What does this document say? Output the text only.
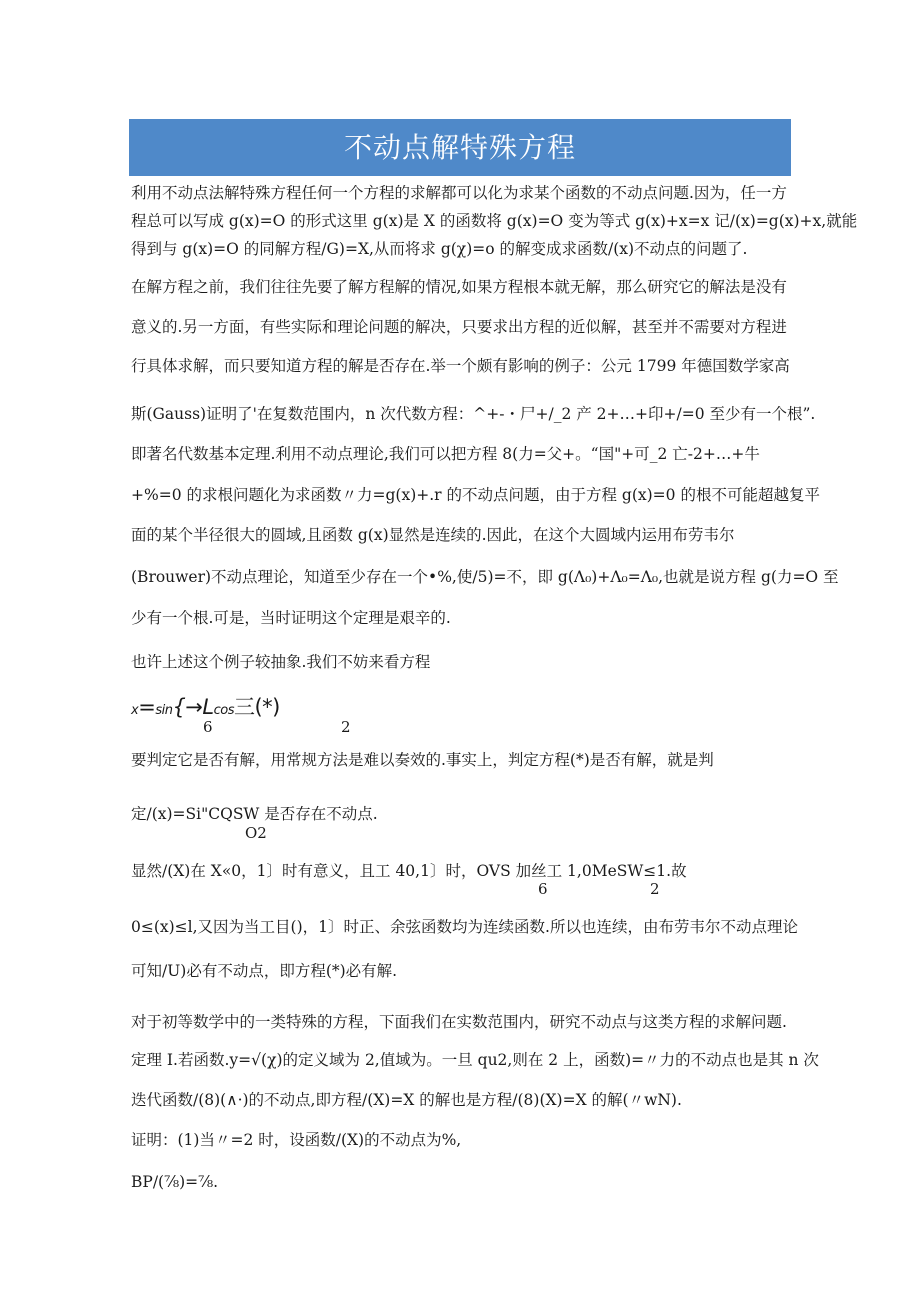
不动点解特殊方程
利用不动点法解特殊方程任何一个方程的求解都可以化为求某个函数的不动点问题.因为，任一方
程总可以写成 g(x)=O 的形式这里 g(x)是 X 的函数将 g(x)=O 变为等式 g(x)+x=x 记/(x)=g(x)+x,就能
得到与 g(x)=O 的同解方程/G)=X,从而将求 g(χ)=o 的解变成求函数/(x)不动点的问题了.
在解方程之前，我们往往先要了解方程解的情况,如果方程根本就无解，那么研究它的解法是没有
意义的.另一方面，有些实际和理论问题的解决，只要求出方程的近似解，甚至并不需要对方程进
行具体求解，而只要知道方程的解是否存在.举一个颇有影响的例子：公元 1799 年德国数学家高
斯(Gauss)证明了'在复数范围内，n 次代数方程：^+-・尸+/_2 产 2+…+印+/=0 至少有一个根”.
即著名代数基本定理.利用不动点理论,我们可以把方程 8(力=父+。“国"+可_2 亡-2+…+牛
+%=0 的求根问题化为求函数〃力=g(x)+.r 的不动点问题，由于方程 g(x)=0 的根不可能超越复平
面的某个半径很大的圆域,且函数 g(x)显然是连续的.因此，在这个大圆域内运用布劳韦尔
(Brouwer)不动点理论，知道至少存在一个•%,使/5)=不，即 g(Λ₀)+Λ₀=Λ₀,也就是说方程 g(力=O 至
少有一个根.可是，当时证明这个定理是艰辛的.
也许上述这个例子较抽象.我们不妨来看方程
x=sin{→Lcos三(*)
6	2
要判定它是否有解，用常规方法是难以奏效的.事实上，判定方程(*)是否有解，就是判
定/(x)=Si"CQSW 是否存在不动点.
O2
显然/(X)在 X«0，1〕时有意义，且工 40,1〕时，OVS 加丝工 1,0MeSW≤1.故
6	2
0≤(x)≤l,又因为当工目()，1〕时正、余弦函数均为连续函数.所以也连续，由布劳韦尔不动点理论
可知/U)必有不动点，即方程(*)必有解.
对于初等数学中的一类特殊的方程，下面我们在实数范围内，研究不动点与这类方程的求解问题.
定理 I.若函数.y=√(χ)的定义域为 2,值域为。一旦 qu2,则在 2 上，函数)=〃力的不动点也是其 n 次
迭代函数/(8)(∧·)的不动点,即方程/(X)=X 的解也是方程/(8)(X)=X 的解(〃wN).
证明：(1)当〃=2 时，设函数/(X)的不动点为%,
BP/(⅞)=⅞.
